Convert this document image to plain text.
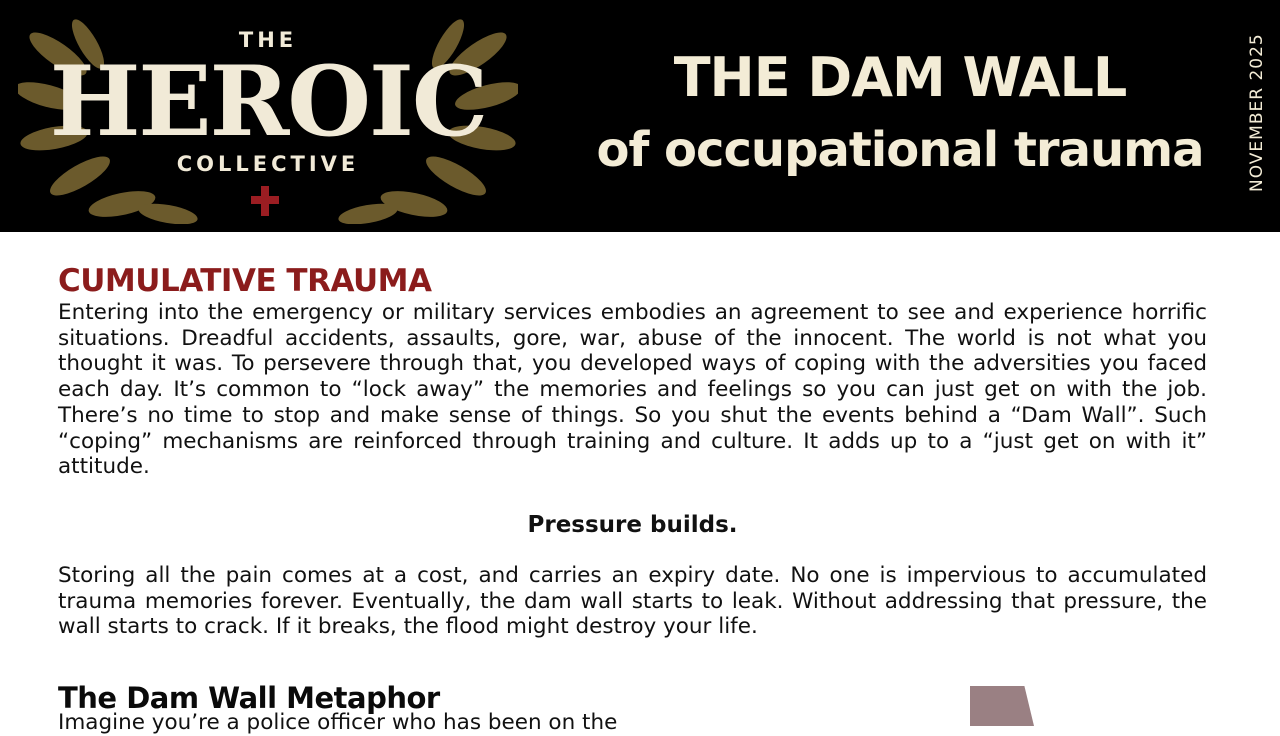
THE
HEROIC
COLLECTIVE
THE DAM WALL
of occupational trauma	NOVEMBER 2025
CUMULATIVE TRAUMA

Entering into the emergency or military services embodies an agreement to see and experience horrific situations. Dreadful accidents, assaults, gore, war, abuse of the innocent. The world is not what you thought it was. To persevere through that, you developed ways of coping with the adversities you faced each day. It’s common to “lock away” the memories and feelings so you can just get on with the job. There’s no time to stop and make sense of things. So you shut the events behind a “Dam Wall”. Such “coping” mechanisms are reinforced through training and culture. It adds up to a “just get on with it” attitude.

Pressure builds.

Storing all the pain comes at a cost, and carries an expiry date. No one is impervious to accumulated trauma memories forever. Eventually, the dam wall starts to leak. Without addressing that pressure, the wall starts to crack. If it breaks, the flood might destroy your life.

The Dam Wall Metaphor

Imagine you’re a police officer who has been on the
